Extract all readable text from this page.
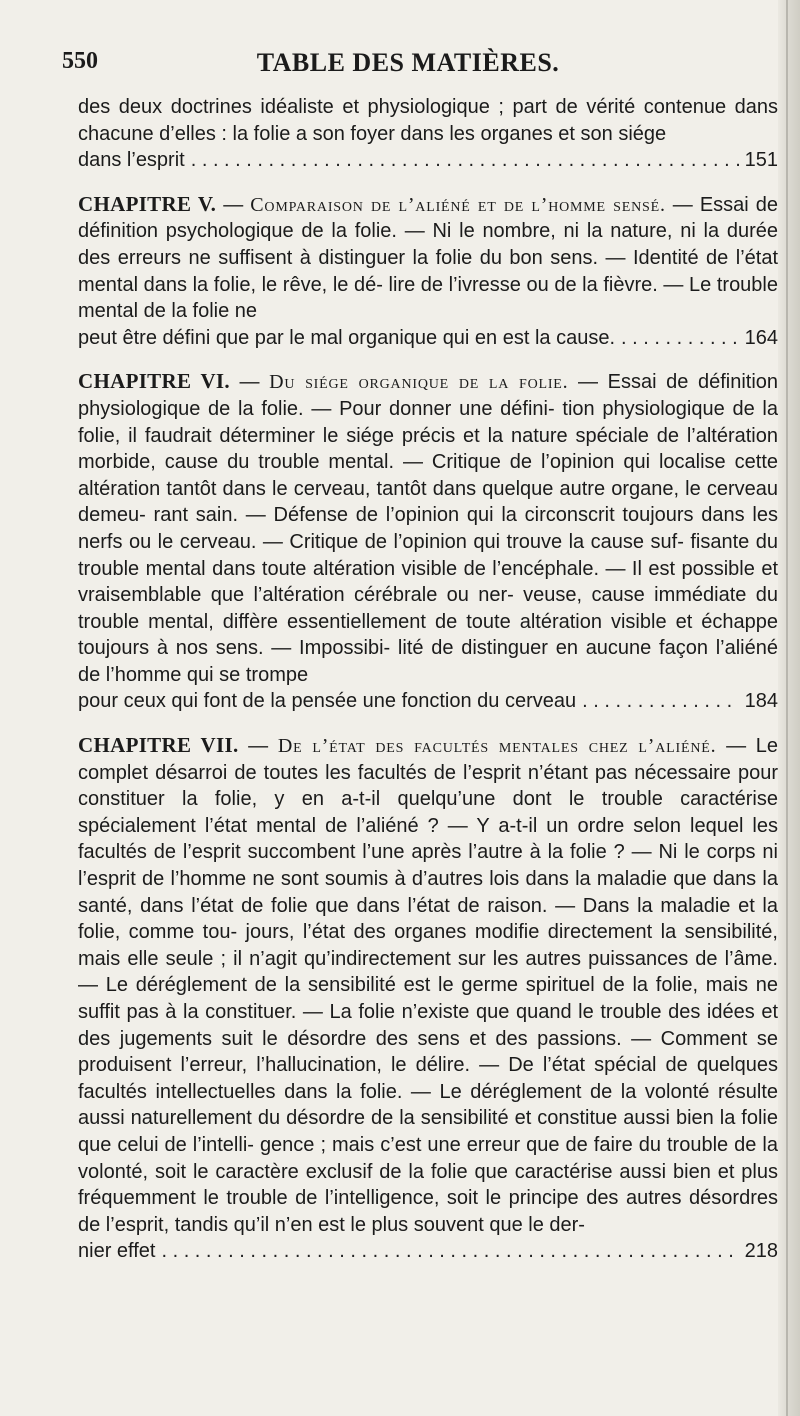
550	TABLE DES MATIÈRES.

des deux doctrines idéaliste et physiologique ; part de vérité contenue dans chacune d’elles : la folie a son foyer dans les organes et son siége

dans l’esprit . . .	151

CHAPITRE V. — Comparaison de l’aliéné et de l’homme sensé. — Essai de définition psychologique de la folie. — Ni le nombre, ni la nature, ni la durée des erreurs ne suffisent à distinguer la folie du bon sens. — Identité de l’état mental dans la folie, le rêve, le dé- lire de l’ivresse ou de la fièvre. — Le trouble mental de la folie ne

peut être défini que par le mal organique qui en est la cause. . . .	164

CHAPITRE VI. — Du siége organique de la folie. — Essai de définition physiologique de la folie. — Pour donner une défini- tion physiologique de la folie, il faudrait déterminer le siége précis et la nature spéciale de l’altération morbide, cause du trouble mental. — Critique de l’opinion qui localise cette altération tantôt dans le cerveau, tantôt dans quelque autre organe, le cerveau demeu- rant sain. — Défense de l’opinion qui la circonscrit toujours dans les nerfs ou le cerveau. — Critique de l’opinion qui trouve la cause suf- fisante du trouble mental dans toute altération visible de l’encéphale. — Il est possible et vraisemblable que l’altération cérébrale ou ner- veuse, cause immédiate du trouble mental, diffère essentiellement de toute altération visible et échappe toujours à nos sens. — Impossibi- lité de distinguer en aucune façon l’aliéné de l’homme qui se trompe

pour ceux qui font de la pensée une fonction du cerveau . . .	184

CHAPITRE VII. — De l’état des facultés mentales chez l’aliéné. — Le complet désarroi de toutes les facultés de l’esprit n’étant pas nécessaire pour constituer la folie, y en a-t-il quelqu’une dont le trouble caractérise spécialement l’état mental de l’aliéné ? — Y a-t-il un ordre selon lequel les facultés de l’esprit succombent l’une après l’autre à la folie ? — Ni le corps ni l’esprit de l’homme ne sont soumis à d’autres lois dans la maladie que dans la santé, dans l’état de folie que dans l’état de raison. — Dans la maladie et la folie, comme tou- jours, l’état des organes modifie directement la sensibilité, mais elle seule ; il n’agit qu’indirectement sur les autres puissances de l’âme. — Le déréglement de la sensibilité est le germe spirituel de la folie, mais ne suffit pas à la constituer. — La folie n’existe que quand le trouble des idées et des jugements suit le désordre des sens et des passions. — Comment se produisent l’erreur, l’hallucination, le délire. — De l’état spécial de quelques facultés intellectuelles dans la folie. — Le déréglement de la volonté résulte aussi naturellement du désordre de la sensibilité et constitue aussi bien la folie que celui de l’intelli- gence ; mais c’est une erreur que de faire du trouble de la volonté, soit le caractère exclusif de la folie que caractérise aussi bien et plus fréquemment le trouble de l’intelligence, soit le principe des autres désordres de l’esprit, tandis qu’il n’en est le plus souvent que le der-

nier effet . . .	218
